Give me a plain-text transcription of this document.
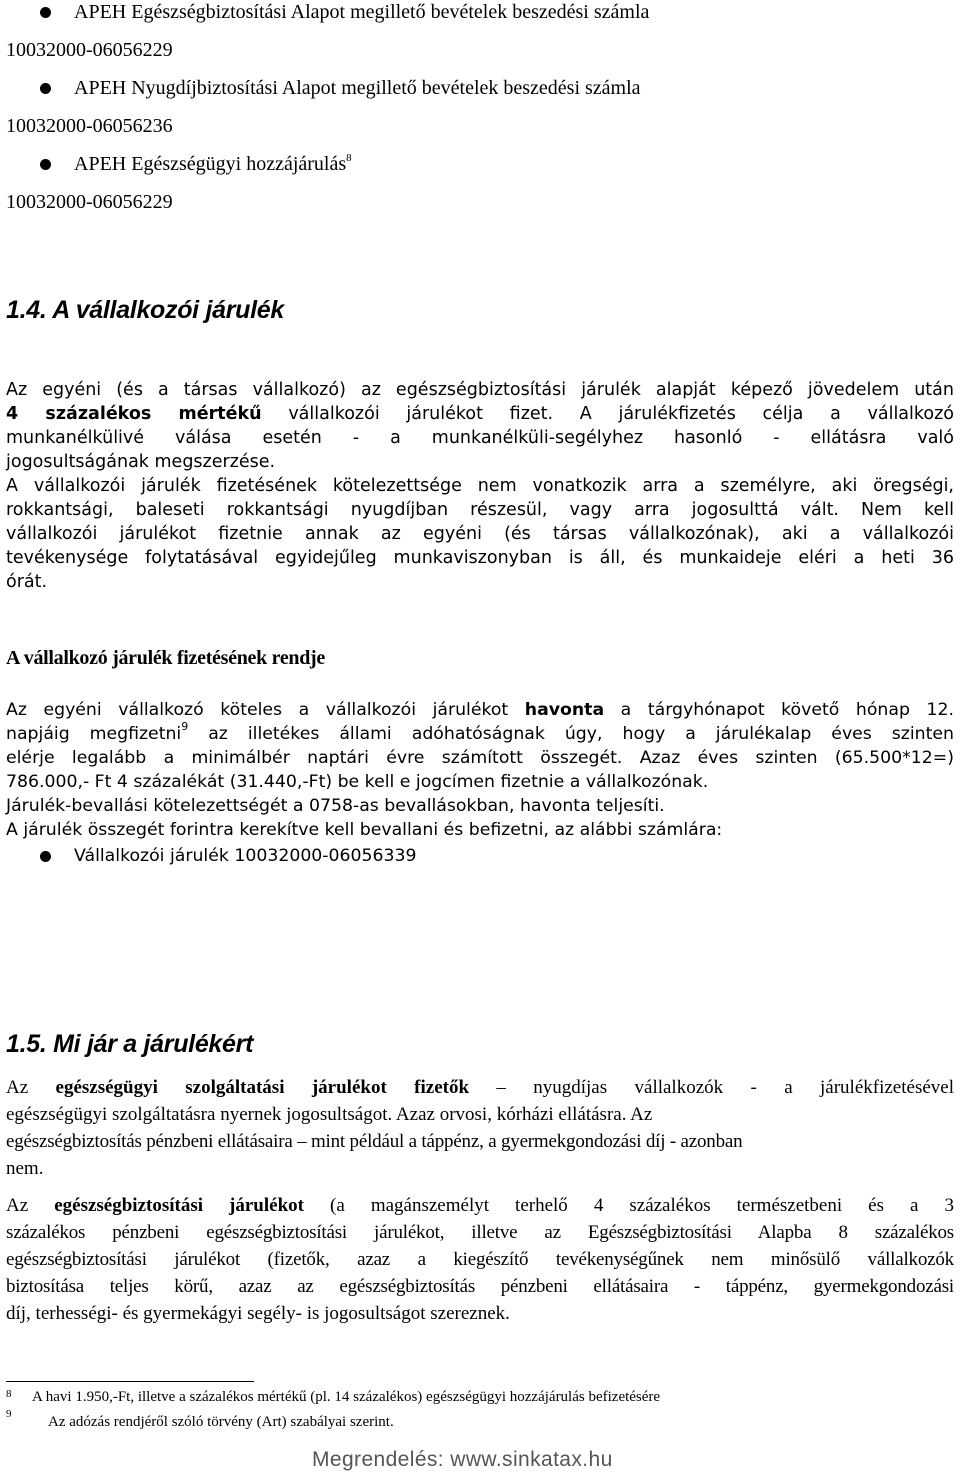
APEH Egészségbiztosítási Alapot megillető bevételek beszedési számla
10032000-06056229
APEH Nyugdíjbiztosítási Alapot megillető bevételek beszedési számla
10032000-06056236
APEH Egészségügyi hozzájárulás$^8$
10032000-06056229
1.4. A vállalkozói járulék
Az egyéni (és a társas vállalkozó) az egészségbiztosítási járulék alapját képező jövedelem után
4 százalékos mértékű vállalkozói járulékot fizet. A járulékfizetés célja a vállalkozó
munkanélkülivé válása esetén - a munkanélküli-segélyhez hasonló - ellátásra való
jogosultságának megszerzése.
A vállalkozói járulék fizetésének kötelezettsége nem vonatkozik arra a személyre, aki öregségi,
rokkantsági, baleseti rokkantsági nyugdíjban részesül, vagy arra jogosulttá vált. Nem kell
vállalkozói járulékot fizetnie annak az egyéni (és társas vállalkozónak), aki a vállalkozói
tevékenysége folytatásával egyidejűleg munkaviszonyban is áll, és munkaideje eléri a heti 36
órát.
A vállalkozó járulék fizetésének rendje
Az egyéni vállalkozó köteles a vállalkozói járulékot havonta a tárgyhónapot követő hónap 12.
napjáig megfizetni$^9$ az illetékes állami adóhatóságnak úgy, hogy a járulékalap éves szinten
elérje legalább a minimálbér naptári évre számított összegét. Azaz éves szinten (65.500*12=)
786.000,- Ft 4 százalékát (31.440,-Ft) be kell e jogcímen fizetnie a vállalkozónak.
Járulék-bevallási kötelezettségét a 0758-as bevallásokban, havonta teljesíti.
A járulék összegét forintra kerekítve kell bevallani és befizetni, az alábbi számlára:
Vállalkozói járulék 10032000-06056339
1.5. Mi jár a járulékért
Az egészségügyi szolgáltatási járulékot fizetők – nyugdíjas vállalkozók - a járulékfizetésével
egészségügyi szolgáltatásra nyernek jogosultságot. Azaz orvosi, kórházi ellátásra. Az
egészségbiztosítás pénzbeni ellátásaira – mint például a táppénz, a gyermekgondozási díj - azonban
nem.
Az egészségbiztosítási járulékot (a magánszemélyt terhelő 4 százalékos természetbeni és a 3
százalékos pénzbeni egészségbiztosítási járulékot, illetve az Egészségbiztosítási Alapba 8 százalékos
egészségbiztosítási járulékot (fizetők, azaz a kiegészítő tevékenységűnek nem minősülő vállalkozók
biztosítása teljes körű, azaz az egészségbiztosítás pénzbeni ellátásaira - táppénz, gyermekgondozási
díj, terhességi- és gyermekágyi segély- is jogosultságot szereznek.
8 A havi 1.950,-Ft, illetve a százalékos mértékű (pl. 14 százalékos) egészségügyi hozzájárulás befizetésére
9 Az adózás rendjéről szóló törvény (Art) szabályai szerint.
Megrendelés: www.sinkatax.hu
